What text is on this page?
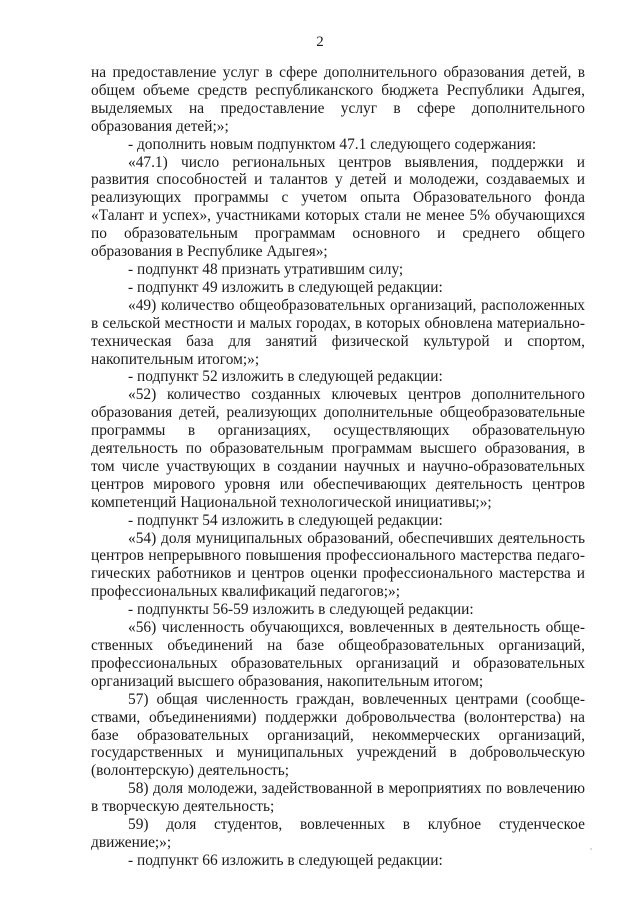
2

на предоставление услуг в сфере дополнительного образования детей, в общем объеме средств республиканского бюджета Республики Адыгея, выделяемых на предоставление услуг в сфере дополнительного образования детей;»;

- дополнить новым подпунктом 47.1 следующего содержания:

«47.1) число региональных центров выявления, поддержки и развития способностей и талантов у детей и молодежи, создаваемых и реализующих программы с учетом опыта Образовательного фонда «Талант и успех», участниками которых стали не менее 5% обучающихся по образовательным программам основного и среднего общего образования в Республике Адыгея»;

- подпункт 48 признать утратившим силу;

- подпункт 49 изложить в следующей редакции:

«49) количество общеобразовательных организаций, расположенных в сельской местности и малых городах, в которых обновлена материально-техническая база для занятий физической культурой и спортом, накопительным итогом;»;

- подпункт 52 изложить в следующей редакции:

«52) количество созданных ключевых центров дополнительного образования детей, реализующих дополнительные общеобразовательные программы в организациях, осуществляющих образовательную деятельность по образовательным программам высшего образования, в том числе участвующих в создании научных и научно-образовательных центров мирового уровня или обеспечивающих деятельность центров компетенций Национальной технологической инициативы;»;

- подпункт 54 изложить в следующей редакции:

«54) доля муниципальных образований, обеспечивших деятельность центров непрерывного повышения профессионального мастерства педагогических работников и центров оценки профессионального мастерства и профессиональных квалификаций педагогов;»;

- подпункты 56-59 изложить в следующей редакции:

«56) численность обучающихся, вовлеченных в деятельность общественных объединений на базе общеобразовательных организаций, профессиональных образовательных организаций и образовательных организаций высшего образования, накопительным итогом;

57) общая численность граждан, вовлеченных центрами (сообществами, объединениями) поддержки добровольчества (волонтерства) на базе образовательных организаций, некоммерческих организаций, государственных и муниципальных учреждений в добровольческую (волонтерскую) деятельность;

58) доля молодежи, задействованной в мероприятиях по вовлечению в творческую деятельность;

59) доля студентов, вовлеченных в клубное студенческое движение;»;

- подпункт 66 изложить в следующей редакции:
